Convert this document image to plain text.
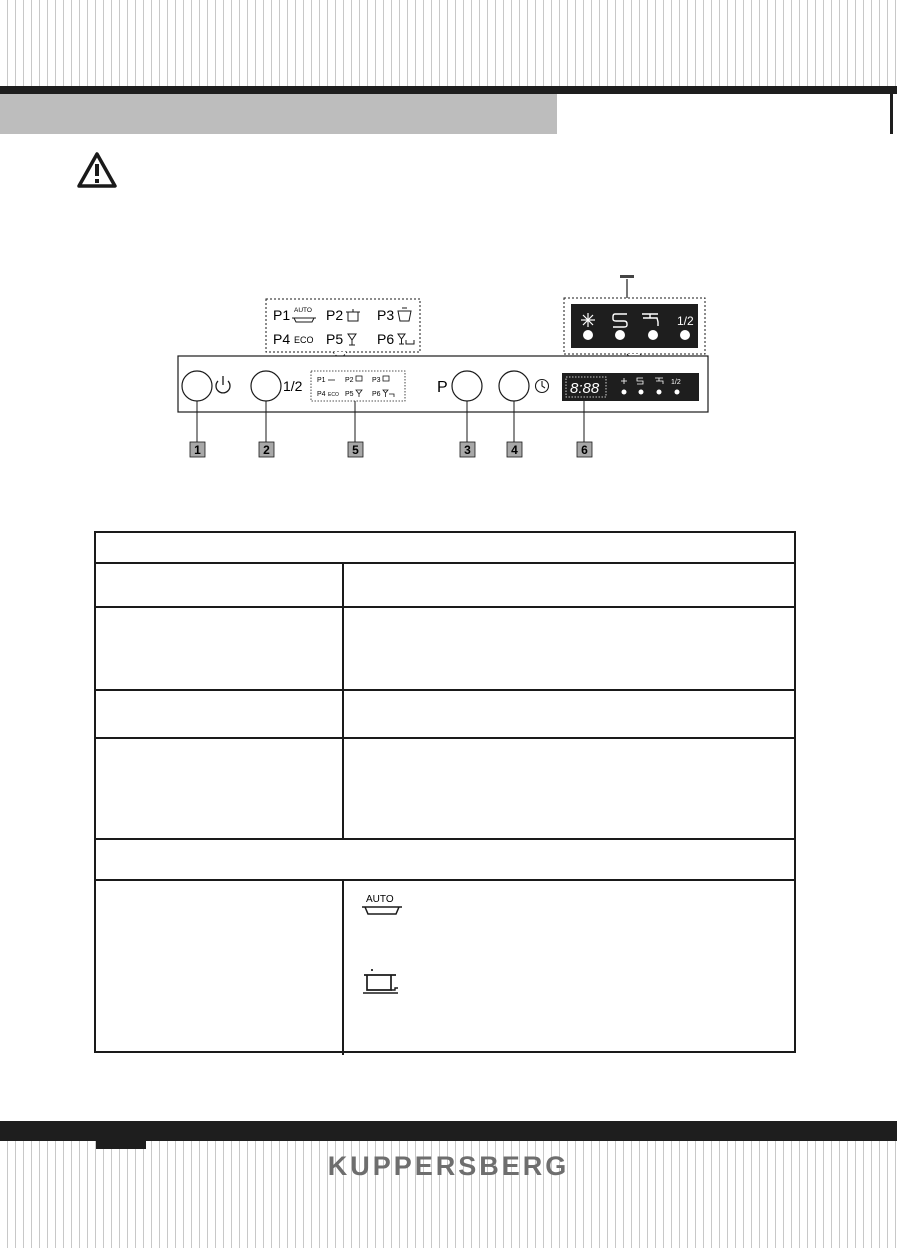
P1 AUTO P2 P3
P4 ECO P5 P6
1/2
1/2 P1	P2	P3
P4	P5	P6
ECO	P	8:88	1/2
1	2	5	3	4	6
AUTO
KUPPERSBERG
